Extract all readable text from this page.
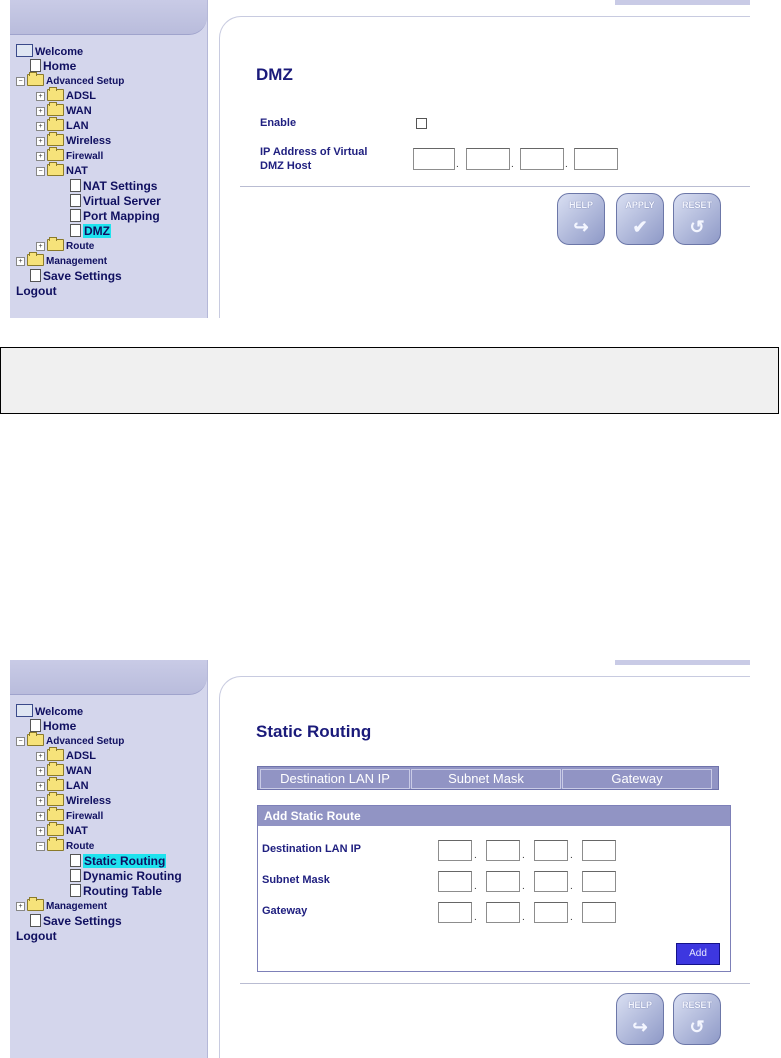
Welcome
Home
− Advanced Setup
+ ADSL
+ WAN
+ LAN
+ Wireless
+ Firewall
− NAT
NAT Settings
Virtual Server
Port Mapping
DMZ
+ Route
+ Management
Save Settings
Logout
DMZ
Enable
IP Address of Virtual
DMZ Host	.	.	.
HELP
↪
APPLY
✔
RESET
↺
Welcome
Home
− Advanced Setup
+ ADSL
+ WAN
+ LAN
+ Wireless
+ Firewall
+ NAT
− Route
Static Routing
Dynamic Routing
Routing Table
+ Management
Save Settings
Logout
Static Routing
Destination LAN IP	Subnet Mask	Gateway
Add Static Route
Destination LAN IP
.	.	.
Subnet Mask
.	.	.
Gateway
.	.	.
Add
HELP
↪
RESET
↺
